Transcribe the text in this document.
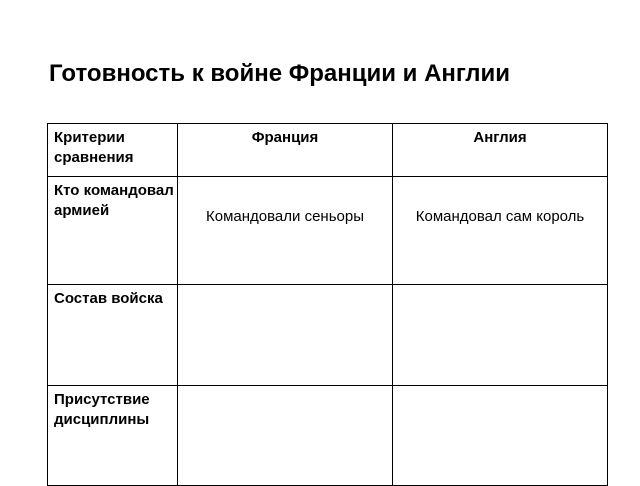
Готовность к войне Франции и Англии
Критерии сравнения	Франция	Англия
Кто командовал армией	Командовали сеньоры	Командовал сам король
Состав войска		
Присутствие дисциплины		
